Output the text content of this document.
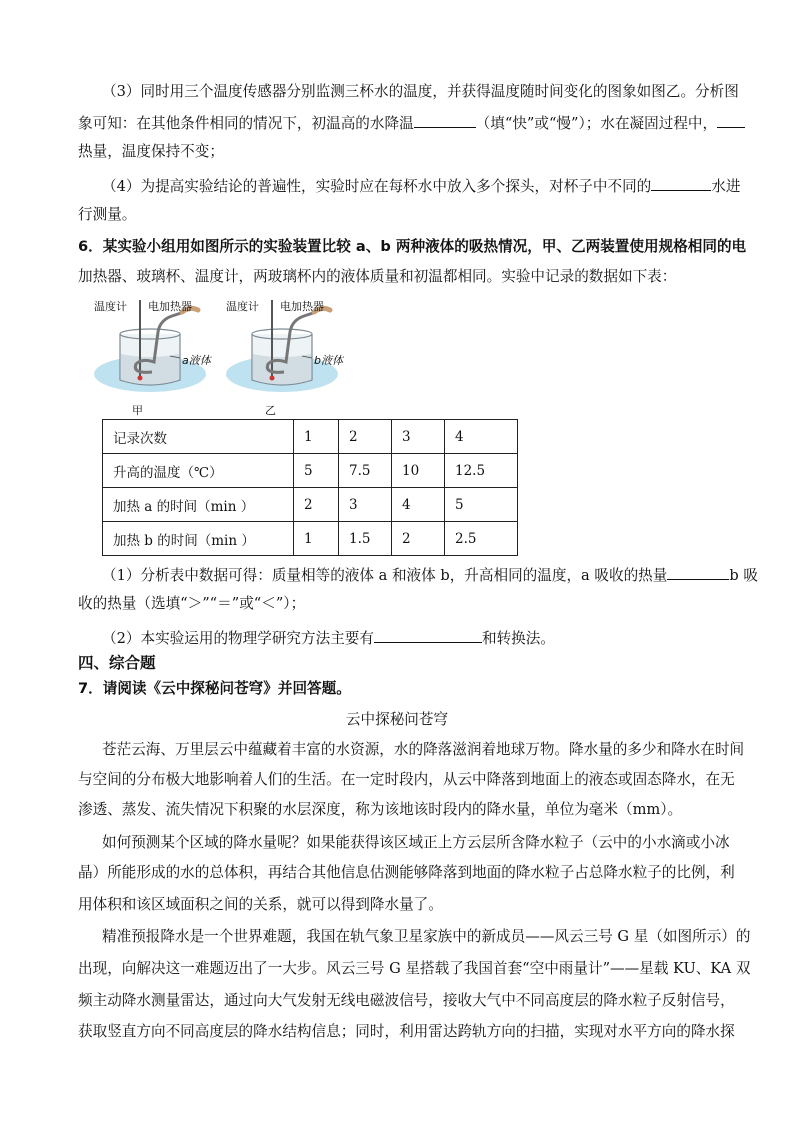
（3）同时用三个温度传感器分别监测三杯水的温度，并获得温度随时间变化的图象如图乙。分析图
象可知：在其他条件相同的情况下，初温高的水降温	（填“快”或“慢”）；水在凝固过程中，
热量，温度保持不变；
（4）为提高实验结论的普遍性，实验时应在每杯水中放入多个探头，对杯子中不同的	水进
行测量。
6．某实验小组用如图所示的实验装置比较 a、b 两种液体的吸热情况，甲、乙两装置使用规格相同的电
加热器、玻璃杯、温度计，两玻璃杯内的液体质量和初温都相同。实验中记录的数据如下表：
温度计 电加热器
a液体
温度计 电加热器
b液体
甲	乙
记录次数	1	2	3	4
升高的温度（℃）	5	7.5	10	12.5
加热 a 的时间（min ）	2	3	4	5
加热 b 的时间（min ）	1	1.5	2	2.5
（1）分析表中数据可得：质量相等的液体 a 和液体 b，升高相同的温度，a 吸收的热量	b 吸
收的热量（选填“＞”“＝”或“＜”）；
（2）本实验运用的物理学研究方法主要有	和转换法。
四、综合题
7．请阅读《云中探秘问苍穹》并回答题。
云中探秘问苍穹
苍茫云海、万里层云中蕴藏着丰富的水资源，水的降落滋润着地球万物。降水量的多少和降水在时间
与空间的分布极大地影响着人们的生活。在一定时段内，从云中降落到地面上的液态或固态降水，在无
渗透、蒸发、流失情况下积聚的水层深度，称为该地该时段内的降水量，单位为毫米（mm）。
如何预测某个区域的降水量呢？如果能获得该区域正上方云层所含降水粒子（云中的小水滴或小冰
晶）所能形成的水的总体积，再结合其他信息估测能够降落到地面的降水粒子占总降水粒子的比例，利
用体积和该区域面积之间的关系，就可以得到降水量了。
精准预报降水是一个世界难题，我国在轨气象卫星家族中的新成员——风云三号 G 星（如图所示）的
出现，向解决这一难题迈出了一大步。风云三号 G 星搭载了我国首套“空中雨量计”——星载 KU、KA 双
频主动降水测量雷达，通过向大气发射无线电磁波信号，接收大气中不同高度层的降水粒子反射信号，
获取竖直方向不同高度层的降水结构信息；同时，利用雷达跨轨方向的扫描，实现对水平方向的降水探
